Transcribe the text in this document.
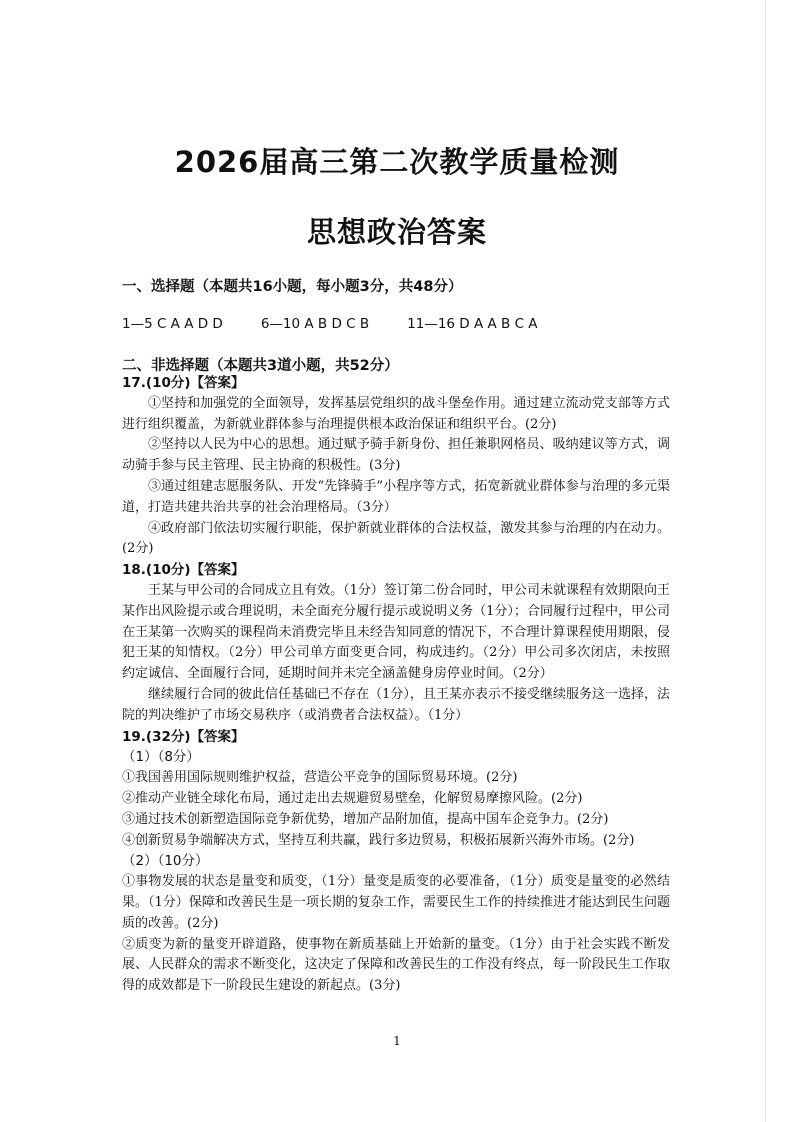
2026届高三第二次教学质量检测
思想政治答案
一、选择题（本题共16小题，每小题3分，共48分）
1—5 C A A D D	6—10 A B D C B	11—16 D A A B C A
二、非选择题（本题共3道小题，共52分）

17.(10分)【答案】

①坚持和加强党的全面领导，发挥基层党组织的战斗堡垒作用。通过建立流动党支部等方式进行组织覆盖，为新就业群体参与治理提供根本政治保证和组织平台。(2分)

②坚持以人民为中心的思想。通过赋予骑手新身份、担任兼职网格员、吸纳建议等方式，调动骑手参与民主管理、民主协商的积极性。(3分)

③通过组建志愿服务队、开发“先锋骑手”小程序等方式，拓宽新就业群体参与治理的多元渠道，打造共建共治共享的社会治理格局。（3分）

④政府部门依法切实履行职能，保护新就业群体的合法权益，激发其参与治理的内在动力。(2分)

18.(10分)【答案】

王某与甲公司的合同成立且有效。（1分）签订第二份合同时，甲公司未就课程有效期限向王某作出风险提示或合理说明，未全面充分履行提示或说明义务（1分）；合同履行过程中，甲公司在王某第一次购买的课程尚未消费完毕且未经告知同意的情况下，不合理计算课程使用期限，侵犯王某的知情权。（2分）甲公司单方面变更合同，构成违约。（2分）甲公司多次闭店，未按照约定诚信、全面履行合同，延期时间并未完全涵盖健身房停业时间。（2分）

继续履行合同的彼此信任基础已不存在（1分），且王某亦表示不接受继续服务这一选择，法院的判决维护了市场交易秩序（或消费者合法权益）。（1分）

19.(32分)【答案】

（1）（8分）

①我国善用国际规则维护权益，营造公平竞争的国际贸易环境。(2分)

②推动产业链全球化布局，通过走出去规避贸易壁垒，化解贸易摩擦风险。(2分)

③通过技术创新塑造国际竞争新优势，增加产品附加值，提高中国车企竞争力。(2分)

④创新贸易争端解决方式，坚持互利共赢，践行多边贸易，积极拓展新兴海外市场。(2分)

（2）（10分）

①事物发展的状态是量变和质变，（1分）量变是质变的必要准备，（1分）质变是量变的必然结果。（1分）保障和改善民生是一项长期的复杂工作，需要民生工作的持续推进才能达到民生问题质的改善。(2分)

②质变为新的量变开辟道路，使事物在新质基础上开始新的量变。（1分）由于社会实践不断发展、人民群众的需求不断变化，这决定了保障和改善民生的工作没有终点，每一阶段民生工作取得的成效都是下一阶段民生建设的新起点。(3分)

1
